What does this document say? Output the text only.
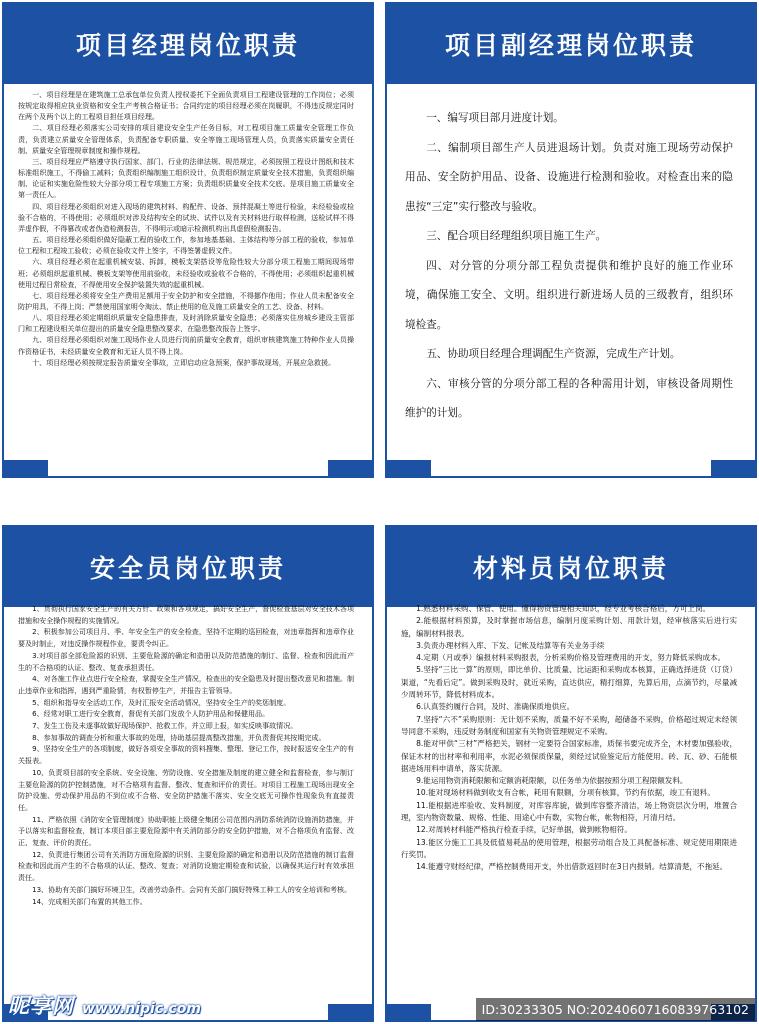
项目经理岗位职责

一、项目经理是在建筑施工总承包单位负责人授权委托下全面负责项目工程建设管理的工作岗位；必须按规定取得相应执业资格和安全生产考核合格证书；合同约定的项目经理必须在岗履职，不得违反规定同时在两个及两个以上的工程项目担任项目经理。

二、项目经理必须落实公司安排的项目建设安全生产任务目标，对工程项目施工质量安全管理工作负责，负责建立质量安全管理体系，负责配备专职质量、安全等施工现场管理人员，负责落实质量安全责任制、质量安全管理规章制度和操作规程。

三、项目经理应严格遵守执行国家、部门、行业的法律法规、规范规定，必须按照工程设计图纸和技术标准组织施工，不得偷工减料；负责组织编制施工组织设计，负责组织制定质量安全技术措施，负责组织编制、论证和实施危险性较大分部分项工程专项施工方案；负责组织质量安全技术交底。是项目施工质量安全第一责任人。

四、项目经理必须组织对进入现场的建筑材料、构配件、设备、预拌混凝土等进行检验，未经检验或检验不合格的，不得使用；必须组织对涉及结构安全的试块、试件以及有关材料进行取样检测，送检试样不得弄虚作假，不得篡改或者伪造检测报告，不得明示或暗示检测机构出具虚假检测报告。

五、项目经理必须组织做好隐蔽工程的验收工作，参加地基基础、主体结构等分部工程的验收，参加单位工程和工程竣工验收；必须在验收文件上签字，不得签署虚假文件。

六、项目经理必须在起重机械安装、拆卸，模板支架搭设等危险性较大分部分项工程施工期间现场带班；必须组织起重机械、模板支架等使用前验收，未经验收或验收不合格的，不得使用；必须组织起重机械使用过程日常检查，不得使用安全保护装置失效的起重机械。

七、项目经理必须将安全生产费用足额用于安全防护和安全措施，不得挪作他用；作业人员未配备安全防护用具，不得上岗；严禁使用国家明令淘汰、禁止使用的危及施工质量安全的工艺、设备、材料。

八、项目经理必须定期组织质量安全隐患排查，及时消除质量安全隐患；必须落实住房城乡建设主管部门和工程建设相关单位提出的质量安全隐患整改要求，在隐患整改报告上签字。

九、项目经理必须组织对施工现场作业人员进行岗前质量安全教育，组织审核建筑施工特种作业人员操作资格证书，未经质量安全教育和无证人员不得上岗。

十、项目经理必须按规定报告质量安全事故，立即启动应急预案，保护事故现场，开展应急救援。

项目副经理岗位职责

一、编写项目部月进度计划。

二、编制项目部生产人员进退场计划。负责对施工现场劳动保护用品、安全防护用品、设备、设施进行检测和验收。对检查出来的隐患按“三定”实行整改与验收。

三、配合项目经理组织项目施工生产。

四、对分管的分项分部工程负责提供和维护良好的施工作业环境，确保施工安全、文明。组织进行新进场人员的三级教育，组织环境检查。

五、协助项目经理合理调配生产资源，完成生产计划。

六、审核分管的分项分部工程的各种需用计划，审核设备周期性维护的计划。

安全员岗位职责

1、贯彻执行国家安全生产的有关方针、政策和各项规定，搞好安全生产，督促检查基层对安全技术各项措施和安全操作规程的实施情况。

2、积极参加公司项目月、季、年安全生产的安全检查，坚持不定期的巡回检查，对违章指挥和违章作业要及时制止，对违反操作规程作业，要责令纠正。

3.对项目部全部危险源的识别、主要危险源的确定和造册以及防范措施的制订、监督、检查和因此而产生的不合格项的认证、整改、复查承担责任。

4、对各施工作业点进行安全检查，掌握安全生产情况，检查出的安全隐患及时提出整改意见和措施。制止违章作业和指挥，遇到严重险情，有权暂停生产，并报告主管领导。

5、组织和指导安全活动工作，及时汇报安全活动情况，坚持安全生产的奖惩制度。

6、经常对职工进行安全教育，督促有关部门发放个人防护用品和保健用品。

7、发生工伤及未遂事故做好现场保护、抢救工作，并立即上报，如实反映事故情况。

8、参加事故的调查分析和重大事故的处理，协助基层提高整改措施，并负责督促其按期完成。

9、坚持安全生产的各项制度，做好各项安全事故的资料搜集、整理、登记工作，按时报送安全生产的有关报表。

10、负责项目部的安全系统、安全设施、劳防设施、安全措施及制度的建立健全和监督检查，参与制订主要危险源的防护控制措施，对不合格项有监督、整改、复查和评价的责任。对项目工程施工现场出现安全防护设施、劳动保护用品的不到位或不合格、安全防护措施不落实、安全交底无可操作性现象负有直接责任。

11、严格依照《消防安全管理制度》协助职能上级健全集团公司范围内消防系统消防设施消防措施，并予以落实和监督检查，制订本项目部主要危险源中有关消防部分的安全防护措施，对不合格项负有监督、改正、复查、评价的责任。

12、负责进行集团公司有关消防方面危险源的识别、主要危险源的确定和造册以及防范措施的制订监督检查和因此而产生的不合格项的认证、整改、复查；对消防设施定期检查和试验，以确保其运行时有效承担责任。

13、协助有关部门搞好环境卫生，改善劳动条件。会同有关部门搞好特殊工种工人的安全培训和考核。

14、完成相关部门布置的其他工作。

材料员岗位职责

1.熟悉材料采购、保管、使用。懂得物资管理相关知识，经专业考核合格后，方可上岗。

2.能根据材料预算，及时掌握市场信息，编制月度采购计划、用款计划，经审核落实后进行实施，编制材料报表。

3.负责办理材料入库、下发、记帐及结算等有关业务手续

4.定期（月或季）编报材料采购报表，分析采购价格及管理费用的开支，努力降低采购成本。

5.坚持“三比一算”的原则，即比单价、比质量、比运距和采购成本核算，正确选择进货（订货）渠道，“先看后定”。做到采购及时，就近采购，直达供应，精打细算，先算后用，点滴节约，尽量减少周转环节，降低材料成本。

6.认真签约履行合同，及时、准确保质地供应。

7.坚持“六不”采购原则：无计划不采购，质量不好不采购，超储备不采购，价格超过规定未经领导同意不采购，违反财务制度和国家有关物资管理规定不采购。

8.能对甲供“三材”严格把关，钢材一定要符合国家标准，质保书要完成齐全，木材要加强验收，保证木材的出材率和利用率，水泥必须保质保量，须经过试验鉴定后方能使用。砖、瓦、砂、石能根据进场用料申请单，落实货源。

9.能运用物资消耗限额和定额消耗限额，以任务单为依据按照分项工程限额发料。

10.能对现场材料做到收支有合帐，耗用有限额，分项有核算，节约有依据，竣工有退料。

11.能根据进库验收、发料制度，对库容库貌，做到库容整齐清洁，场上物资层次分明，堆置合理，室内物资数量、规格、性能、用途心中有数，实物台帐，帐物相符，月清月结。

12.对周转材料能严格执行检查手续，记好单据，做到帐物相符。

13.能区分施工工具及低值易耗品的使用管理，根据劳动组合及工具配备标准、规定使用期限进行奖罚。

14.能遵守财经纪律，严格控制费用开支，外出借款返回时在3日内报销。结算清楚，不拖延。

昵享网 www.nipic.com	ID:30233305 NO:20240607160839763102
